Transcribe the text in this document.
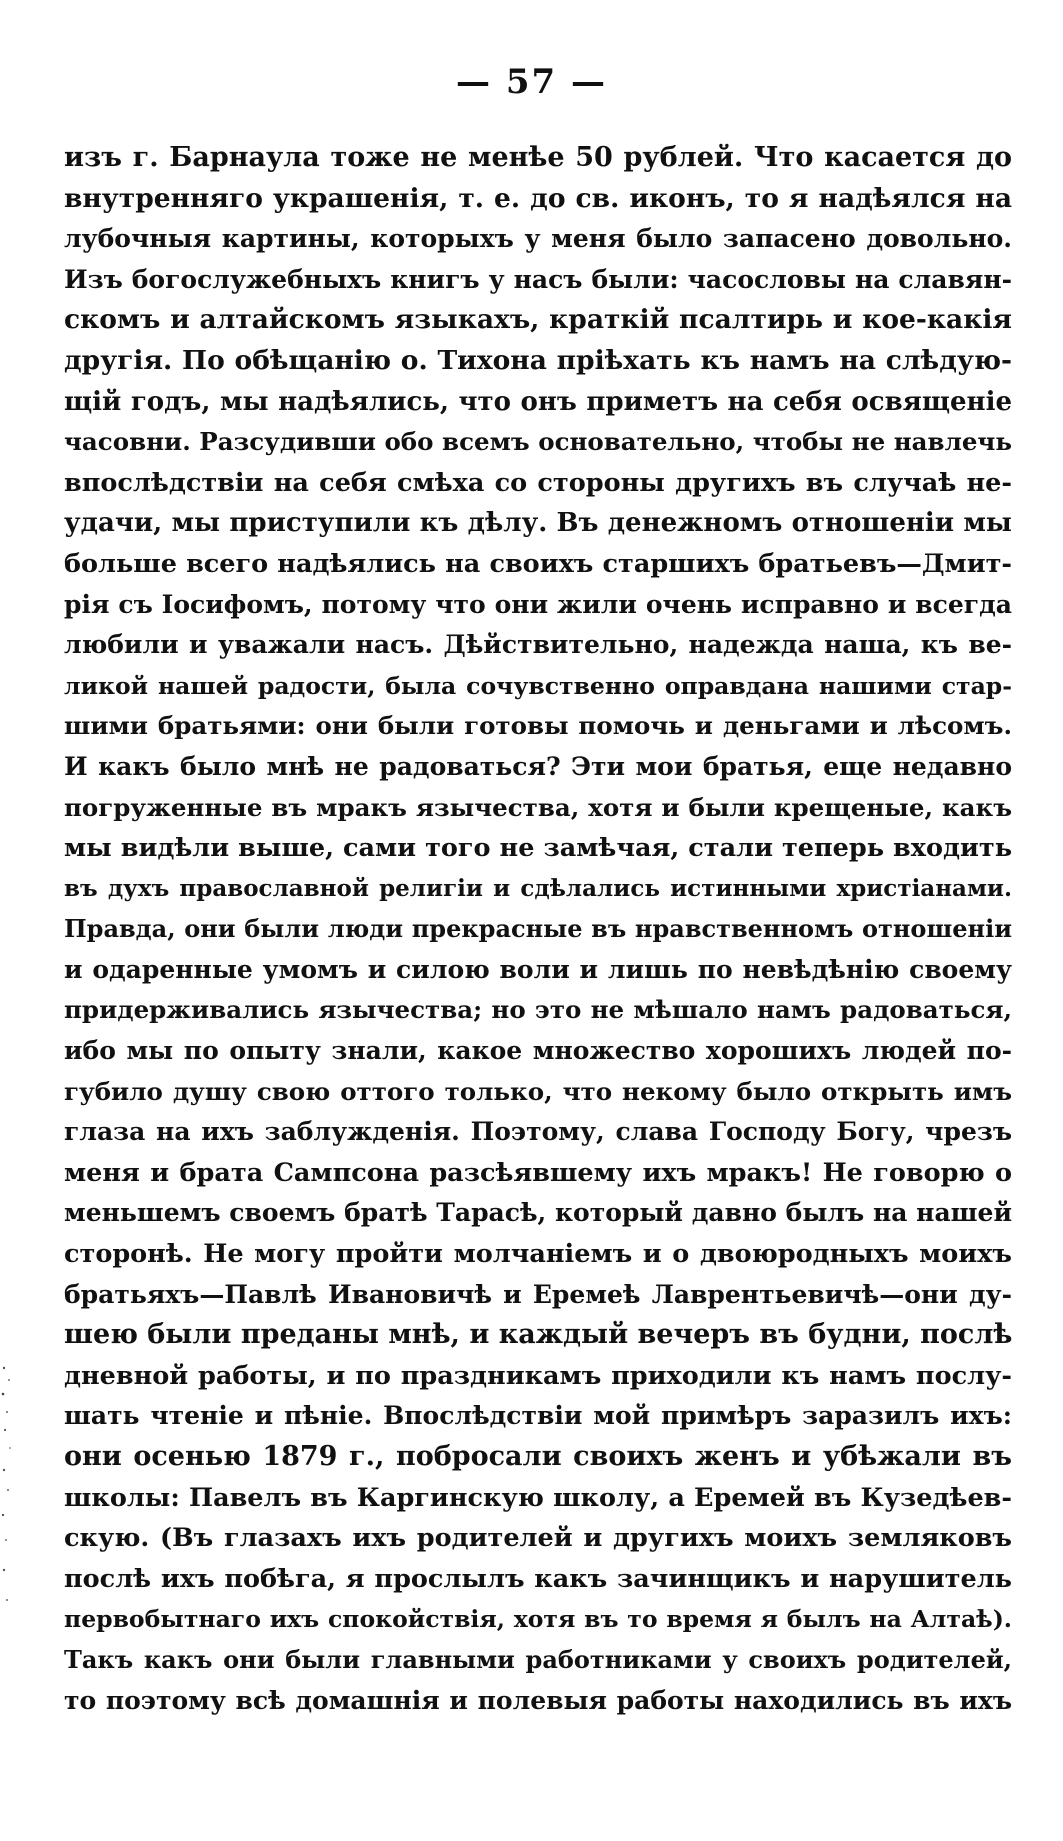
— 57 —
изъ г. Барнаула тоже не менѣе 50 рублей. Что касается до
внутренняго украшенія, т. е. до св. иконъ, то я надѣялся на
лубочныя картины, которыхъ у меня было запасено довольно.
Изъ богослужебныхъ книгъ у насъ были: часословы на славян-
скомъ и алтайскомъ языкахъ, краткій псалтирь и кое-какія
другія. По обѣщанію о. Тихона пріѣхать къ намъ на слѣдую-
щій годъ, мы надѣялись, что онъ приметъ на себя освященіе
часовни. Разсудивши обо всемъ основательно, чтобы не навлечь
впослѣдствіи на себя смѣха со стороны другихъ въ случаѣ не-
удачи, мы приступили къ дѣлу. Въ денежномъ отношеніи мы
больше всего надѣялись на своихъ старшихъ братьевъ—Дмит-
рія съ Іосифомъ, потому что они жили очень исправно и всегда
любили и уважали насъ. Дѣйствительно, надежда наша, къ ве-
ликой нашей радости, была сочувственно оправдана нашими стар-
шими братьями: они были готовы помочь и деньгами и лѣсомъ.
И какъ было мнѣ не радоваться? Эти мои братья, еще недавно
погруженные въ мракъ язычества, хотя и были крещеные, какъ
мы видѣли выше, сами того не замѣчая, стали теперь входить
въ духъ православной религіи и сдѣлались истинными христіанами.
Правда, они были люди прекрасные въ нравственномъ отношеніи
и одаренные умомъ и силою воли и лишь по невѣдѣнію своему
придерживались язычества; но это не мѣшало намъ радоваться,
ибо мы по опыту знали, какое множество хорошихъ людей по-
губило душу свою оттого только, что некому было открыть имъ
глаза на ихъ заблужденія. Поэтому, слава Господу Богу, чрезъ
меня и брата Сампсона разсѣявшему ихъ мракъ! Не говорю о
меньшемъ своемъ братѣ Тарасѣ, который давно былъ на нашей
сторонѣ. Не могу пройти молчаніемъ и о двоюродныхъ моихъ
братьяхъ—Павлѣ Ивановичѣ и Еремеѣ Лаврентьевичѣ—они ду-
шею были преданы мнѣ, и каждый вечеръ въ будни, послѣ
дневной работы, и по праздникамъ приходили къ намъ послу-
шать чтеніе и пѣніе. Впослѣдствіи мой примѣръ заразилъ ихъ:
они осенью 1879 г., побросали своихъ женъ и убѣжали въ
школы: Павелъ въ Каргинскую школу, а Еремей въ Кузедѣев-
скую. (Въ глазахъ ихъ родителей и другихъ моихъ земляковъ
послѣ ихъ побѣга, я прослылъ какъ зачинщикъ и нарушитель
первобытнаго ихъ спокойствія, хотя въ то время я былъ на Алтаѣ).
Такъ какъ они были главными работниками у своихъ родителей,
то поэтому всѣ домашнія и полевыя работы находились въ ихъ
